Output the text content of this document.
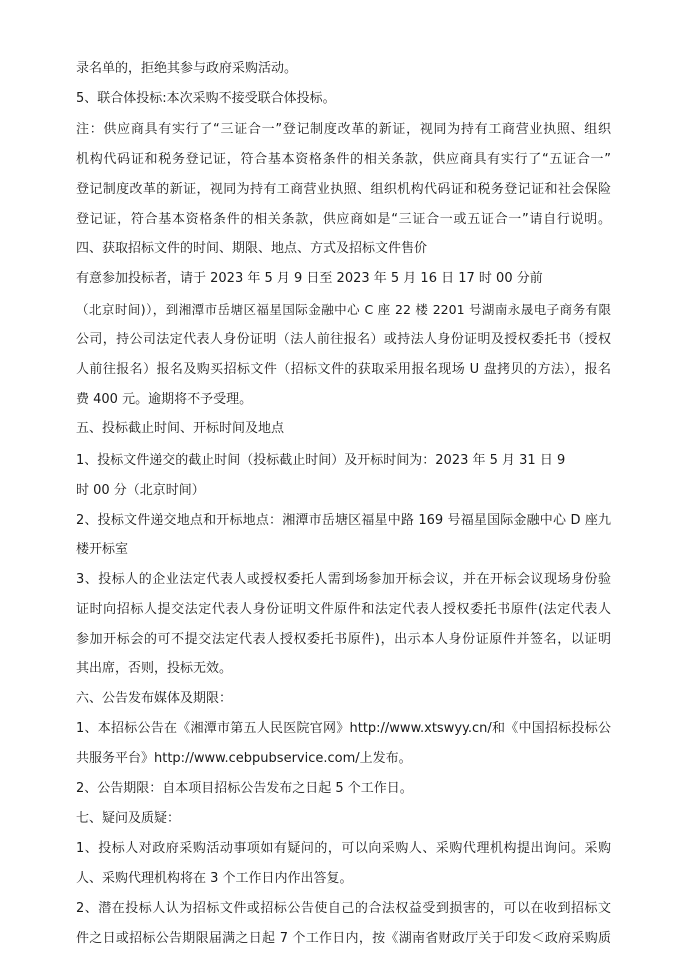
录名单的，拒绝其参与政府采购活动。
5、联合体投标:本次采购不接受联合体投标。
注：供应商具有实行了“三证合一”登记制度改革的新证，视同为持有工商营业执照、组织
机构代码证和税务登记证，符合基本资格条件的相关条款，供应商具有实行了“五证合一”
登记制度改革的新证，视同为持有工商营业执照、组织机构代码证和税务登记证和社会保险
登记证，符合基本资格条件的相关条款，供应商如是“三证合一或五证合一”请自行说明。
四、获取招标文件的时间、期限、地点、方式及招标文件售价
有意参加投标者，请于 2023 年 5 月 9 日至 2023 年 5 月 16 日 17 时 00 分前
（北京时间)），到湘潭市岳塘区福星国际金融中心 C 座 22 楼 2201 号湖南永晟电子商务有限
公司，持公司法定代表人身份证明（法人前往报名）或持法人身份证明及授权委托书（授权
人前往报名）报名及购买招标文件（招标文件的获取采用报名现场 U 盘拷贝的方法），报名
费 400 元。逾期将不予受理。
五、投标截止时间、开标时间及地点
1、投标文件递交的截止时间（投标截止时间）及开标时间为：2023 年 5 月 31 日 9
时 00 分（北京时间）
2、投标文件递交地点和开标地点：湘潭市岳塘区福星中路 169 号福星国际金融中心 D 座九
楼开标室
3、投标人的企业法定代表人或授权委托人需到场参加开标会议，并在开标会议现场身份验
证时向招标人提交法定代表人身份证明文件原件和法定代表人授权委托书原件(法定代表人
参加开标会的可不提交法定代表人授权委托书原件)，出示本人身份证原件并签名，以证明
其出席，否则，投标无效。
六、公告发布媒体及期限：
1、本招标公告在《湘潭市第五人民医院官网》http://www.xtswyy.cn/和《中国招标投标公
共服务平台》http://www.cebpubservice.com/上发布。
2、公告期限：自本项目招标公告发布之日起 5 个工作日。
七、疑问及质疑：
1、投标人对政府采购活动事项如有疑问的，可以向采购人、采购代理机构提出询问。采购
人、采购代理机构将在 3 个工作日内作出答复。
2、潜在投标人认为招标文件或招标公告使自己的合法权益受到损害的，可以在收到招标文
件之日或招标公告期限届满之日起 7 个工作日内，按《湖南省财政厅关于印发＜政府采购质
